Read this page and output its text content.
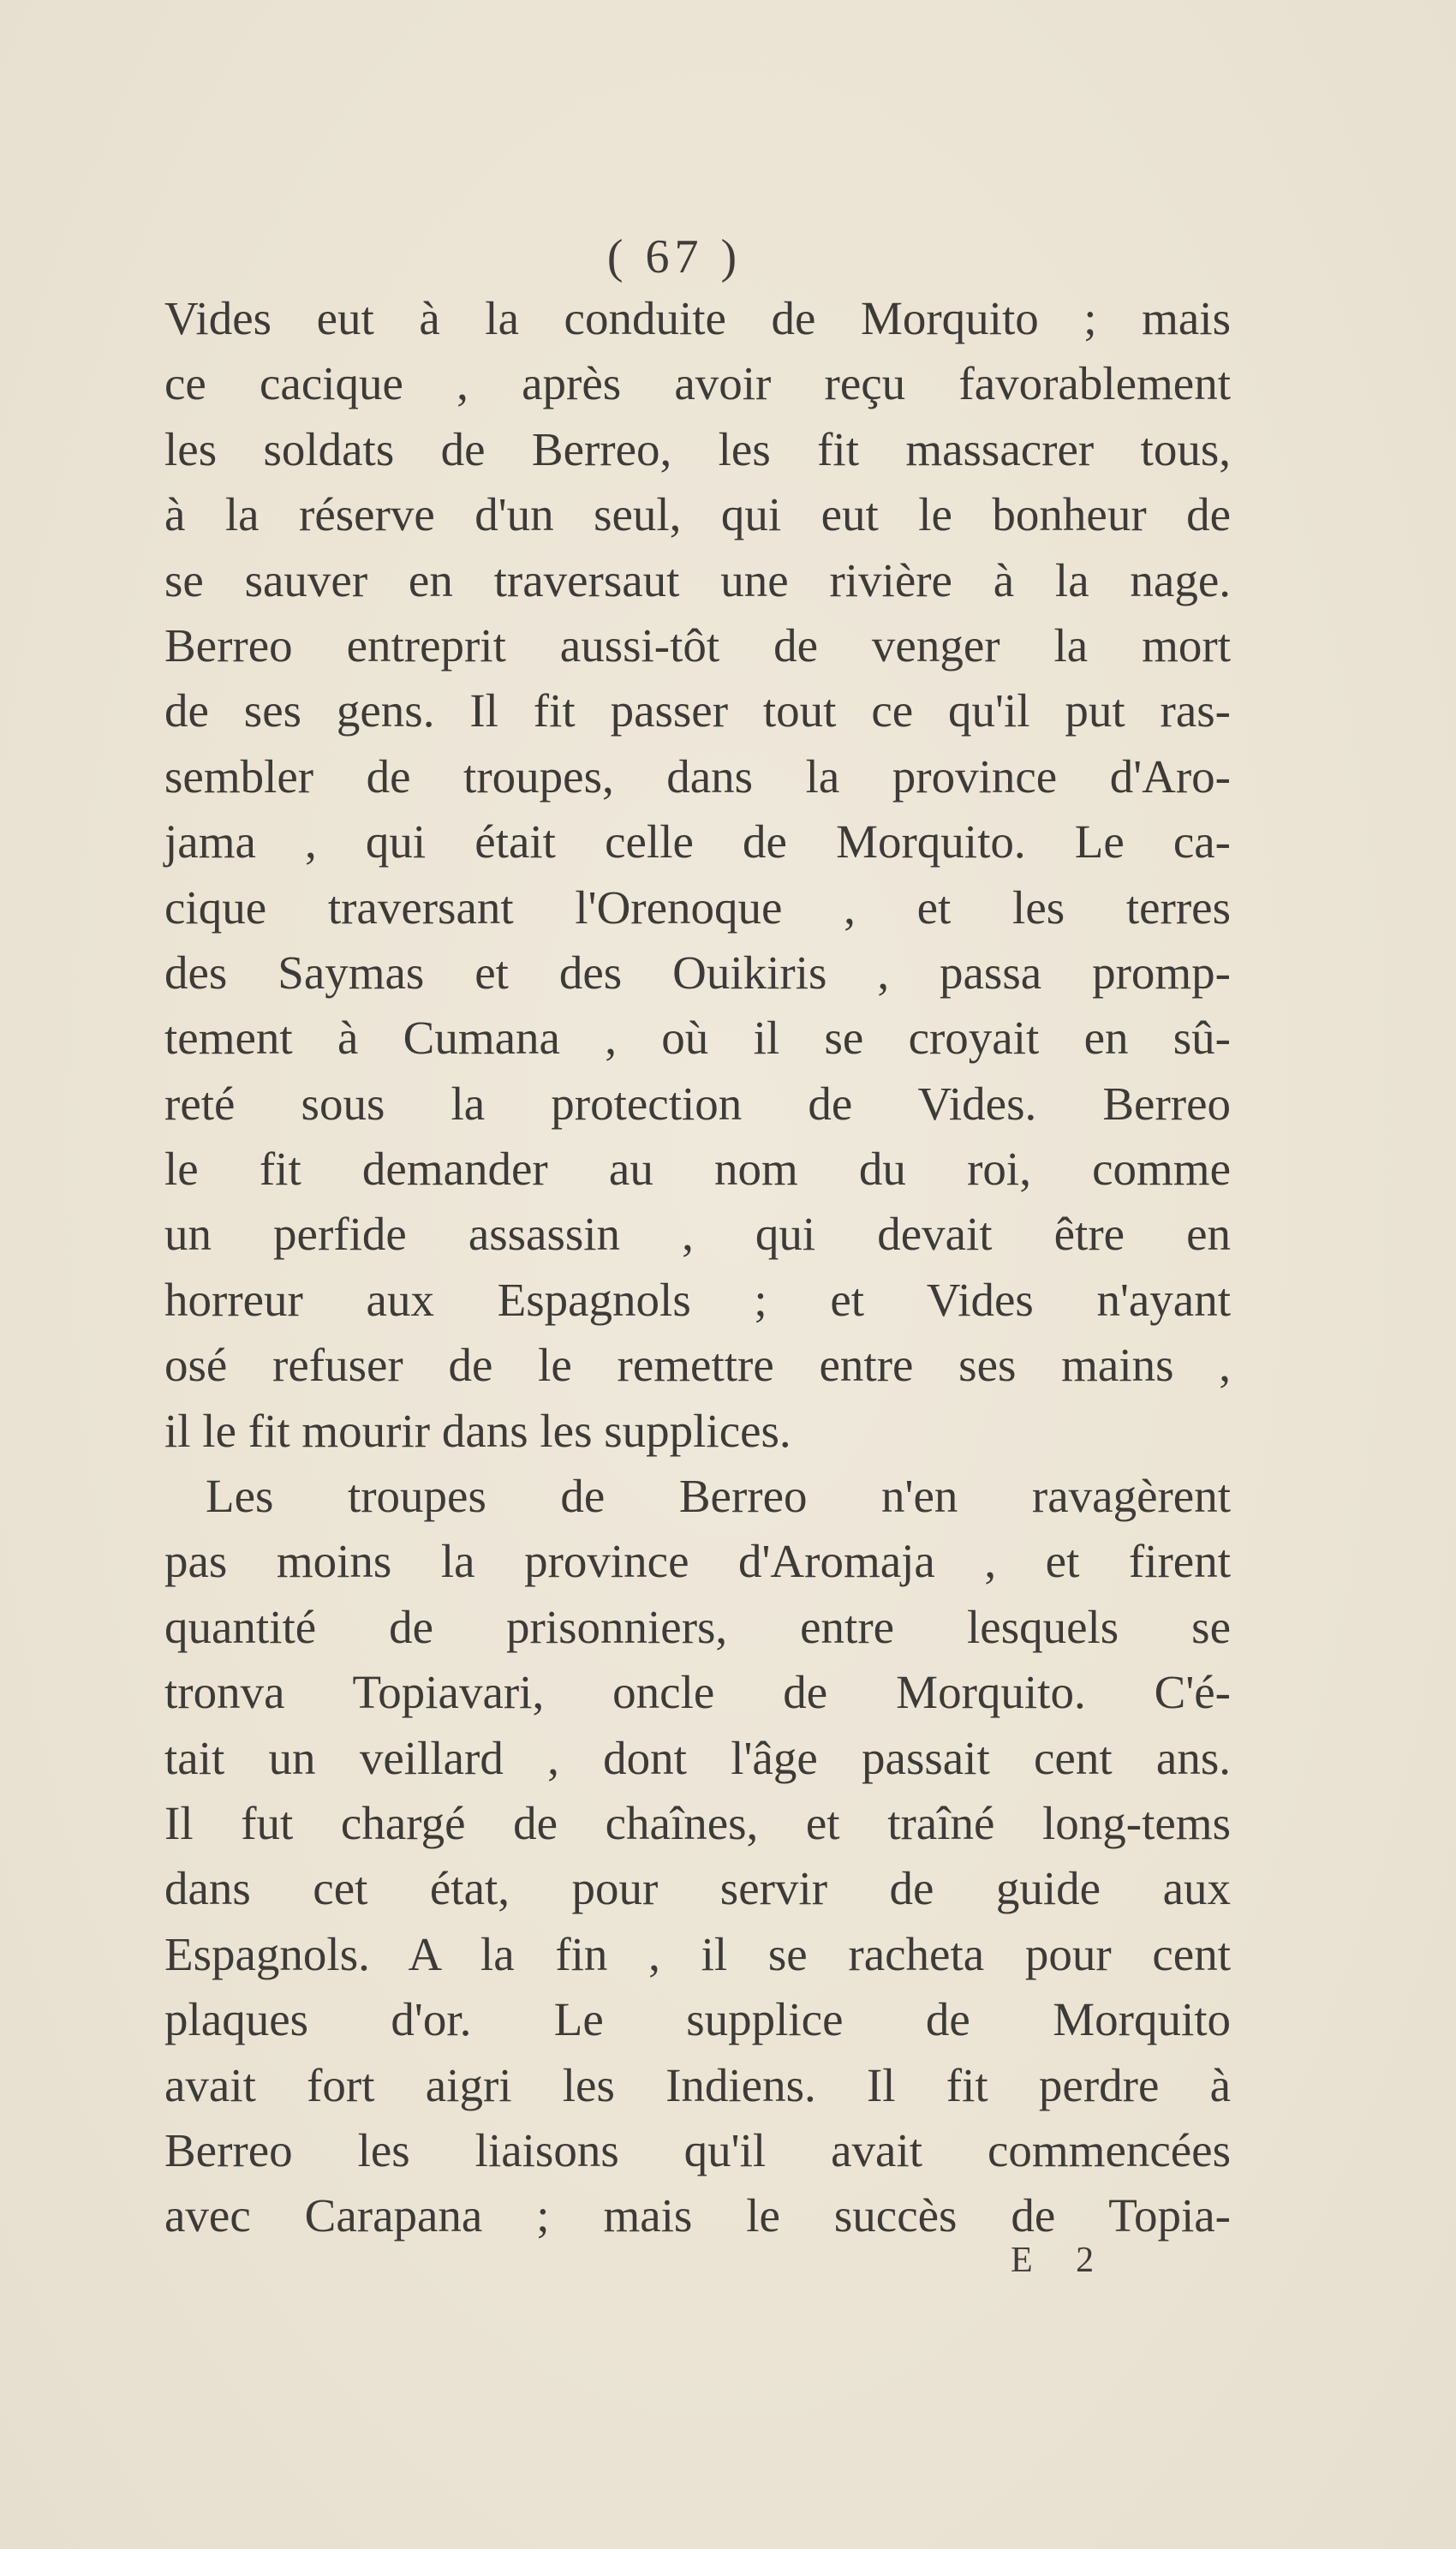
( 67 )
Vides eut à la conduite de Morquito ; mais
ce cacique , après avoir reçu favorablement
les soldats de Berreo, les fit massacrer tous,
à la réserve d'un seul, qui eut le bonheur de
se sauver en traversaut une rivière à la nage.
Berreo entreprit aussi-tôt de venger la mort
de ses gens. Il fit passer tout ce qu'il put ras-
sembler de troupes, dans la province d'Aro-
jama , qui était celle de Morquito. Le ca-
cique traversant l'Orenoque , et les terres
des Saymas et des Ouikiris , passa promp-
tement à Cumana , où il se croyait en sû-
reté sous la protection de Vides. Berreo
le fit demander au nom du roi, comme
un perfide assassin , qui devait être en
horreur aux Espagnols ; et Vides n'ayant
osé refuser de le remettre entre ses mains ,
il le fit mourir dans les supplices.
Les troupes de Berreo n'en ravagèrent
pas moins la province d'Aromaja , et firent
quantité de prisonniers, entre lesquels se
tronva Topiavari, oncle de Morquito. C'é-
tait un veillard , dont l'âge passait cent ans.
Il fut chargé de chaînes, et traîné long-tems
dans cet état, pour servir de guide aux
Espagnols. A la fin , il se racheta pour cent
plaques d'or. Le supplice de Morquito
avait fort aigri les Indiens. Il fit perdre à
Berreo les liaisons qu'il avait commencées
avec Carapana ; mais le succès de Topia-
E 2
